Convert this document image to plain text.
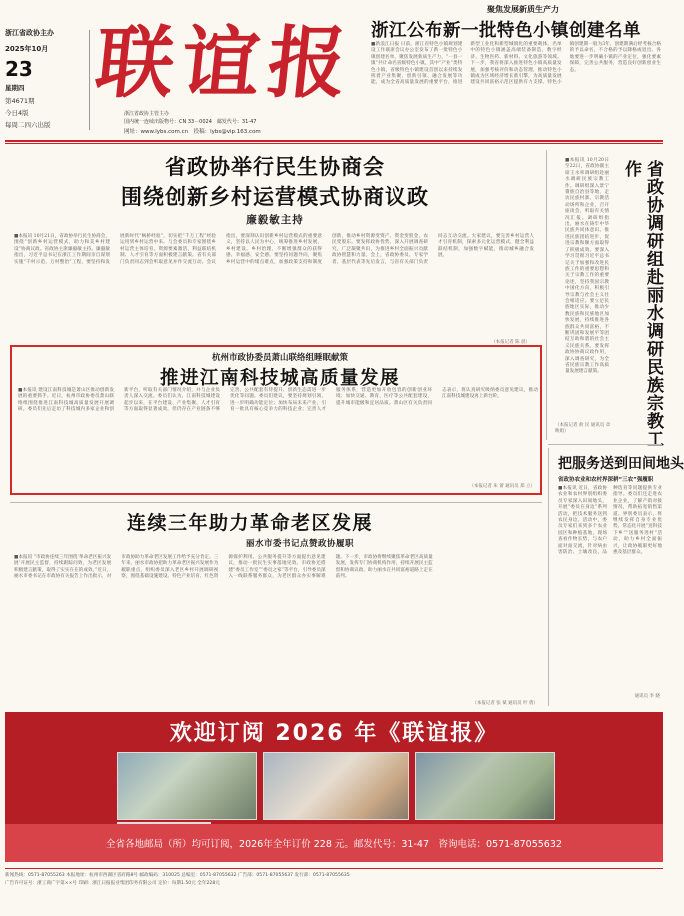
浙江省政协主办
2025年10月
23
星期四
第4671期
今日4版
每周二四六出版
联谊报
浙江省政协主管主办
国内统一连续出版物号：CN 33－0024　邮发代号：31-47
网址：www.lybs.com.cn　投稿：lybs@vip.163.com
聚焦发展新质生产力
浙江公布新一批特色小镇创建名单
■新浪江日报 日前，浙江省特色小镇规划建设工作联席会议办公室发布了新一批特色小镇创建名单，聚焦发展新质生产力，“一县一镇”共计命名省级特色小镇，其中“产业”类特色小镇，省级特色小镇建设首创以来持续发挥着产业集聚、创新引领、融合发展等功能，成为全省高质量发展的重要平台，推进新型工业化和新型城镇化的重要载体。名单中的特色小镇涵盖高端装备制造、数字经济、生物医药、新材料、文化旅游等领域。下一步，我省将深入推进特色小镇高质量发展，加强考核评价和动态管理，推动特色小镇成为区域经济增长新引擎，为高质量发展建设共同富裕示范区提供有力支撑。特色小镇创建期一般为3年，创建期满后经考核合格的予以命名，不合格的予以降格或退出。各地要进一步明确小镇的产业定位，强化要素保障，完善公共服务，营造良好创新创业生态。
省政协举行民生协商会
围绕创新乡村运营模式协商议政
廉毅敏主持
■本报讯 10月21日，省政协举行民生协商会，围绕“创新乡村运营模式，助力和美乡村建设”协商议政。省政协主席廉毅敏主持。廉毅敏指出，习近平总书记在浙江工作期间亲自谋划实施“千村示范、万村整治”工程，要坚持和发展新时代“枫桥经验”，切实把“千万工程”经验运用到乡村运营中来。与会委员和专家围绕乡村运营主体培育、资源要素激活、利益联结机制、人才引育等方面积极建言献策。省有关部门负责同志到会听取意见并作交流互动。会议指出，要深刻认识创新乡村运营模式的重要意义，坚持以人民为中心，统筹推进乡村发展、乡村建设、乡村治理，不断增强群众的获得感、幸福感、安全感。要坚持问题导向，聚焦乡村运营中的堵点难点，加强政策支持和制度创新，推动乡村资源变资产、资金变股金、农民变股东。要发挥政协优势，深入开展调查研究，广泛凝聚共识，为推进乡村全面振兴贡献政协智慧和力量。会上，省政协委员、专家学者、基层代表等先后发言，与省有关部门负责同志互动交流。大家建议，要完善乡村运营人才引育机制，探索多元化运营模式，健全利益联结机制，加强数字赋能，推动城乡融合发展。
（本报记者 陈 晨）
■本报讯 10月20日至22日，省政协副主席王水率调研组赴丽水调研民族宗教工作。调研组深入景宁畲族自治县等地，走访民族村寨、宗教活动场所和企业，召开座谈会，听取有关情况汇报。调研组指出，丽水在铸牢中华民族共同体意识、推进民族团结进步、促进宗教和顺方面取得了积极成效。要深入学习贯彻习近平总书记关于加强和改进民族工作的重要思想和关于宗教工作的重要论述，坚持我国宗教中国化方向，积极引导宗教与社会主义社会相适应。要立足民族地区实际，推动少数民族和民族地区加快发展，持续推进各族群众共同富裕，不断巩固和发展平等团结互助和谐的社会主义民族关系。要发挥政协协商议政作用，深入调查研究，为全省民族宗教工作高质量发展建言献策。	省政协调研组赴丽水调研民族宗教工作
（本报记者 俞 民 通讯员 章映娟）
杭州市政协委员萧山联络组睡眠献策
推进江南科技城高质量发展
■本报讯 建设江南科技城是萧山区推动创新发展的重要抓手。近日，杭州市政协委员萧山联络组围绕推进江南科技城高质量发展开展调研。委员们先后走访了科技城内多家企业和创新平台，听取有关部门情况介绍，并与企业负责人深入交流。委员们认为，江南科技城建设起步以来，在平台建设、产业集聚、人才引育等方面取得显著成效，但仍存在产业链条不够完善、公共配套有待提升、创新生态需进一步优化等问题。委员们建议，要坚持规划引领，进一步明确功能定位；加快布局未来产业，引育一批具有核心竞争力的科技企业；完善人才服务体系，营造更加开放包容的创新创业环境；加快交通、教育、医疗等公共配套建设，提升城市能级和宜居品质。萧山区有关负责同志表示，将认真研究吸纳委员意见建议，推动江南科技城建设再上新台阶。
（本报记者 朱 蕾 通讯员 郑 立）
把服务送到田间地头
省政协农业和农村界深耕“三农”强履职
■本报讯 近日，省政协农业和农村界别组织委员专家深入田间地头，开展“委员在身边”系列活动，把技术服务送到农民身边。活动中，委员专家们来到多个农业园区和种植基地，现场查看作物长势，与农户面对面交流，针对病虫害防治、土壤改良、品种选育等问题提供专业指导。委员们还走进农业企业，了解产销对接情况，帮助拓宽销售渠道。界别委员表示，将继续发挥自身专业优势，常态化开展“送科技下乡”“送服务进村”活动，助力乡村全面振兴，让政协履职更好地惠及基层群众。
通讯员 李 晓
连续三年助力革命老区发展
丽水市委书记点赞政协履职
■本报讯 “市政协连续三年围绕‘革命老区振兴发展’开展民主监督，持续跟踪问效，为老区发展积极建言献策，取得了实实在在的成效。”近日，丽水市委书记在市政协有关报告上作出批示，对市政协助力革命老区发展工作给予充分肯定。三年来，丽水市政协把助力革命老区振兴发展作为履职重点，组织委员深入老区乡村开展调研视察，围绕基础设施建设、特色产业培育、红色资源保护利用、公共服务提升等方面提出意见建议，推动一批民生实事落地见效。市政协还搭建“委员工作室”“委员之家”等平台，引导委员深入一线联系服务群众，为老区群众办实事解难题。下一步，市政协将继续聚焦革命老区高质量发展，发挥专门协商机构作用，持续开展民主监督和协商议政，助力丽水在共同富裕道路上走在前列。
（本报记者 张 斌 通讯员 叶 倩）
欢迎订阅 2026 年《联谊报》
全省各地邮局（所）均可订阅，2026年全年订价 228 元。邮发代号：31-47　咨询电话：0571-87055632
新闻热线：0571-87055263 本报地址：杭州市西湖区省府路8号 邮政编码：310025 总编室：0571-87055632 广告部：0571-87055637 发行部：0571-87055635
广告许可证号：浙工商广字第××号 印刷：浙江日报报业集团印务有限公司 定价：每期1.50元 全年228元
